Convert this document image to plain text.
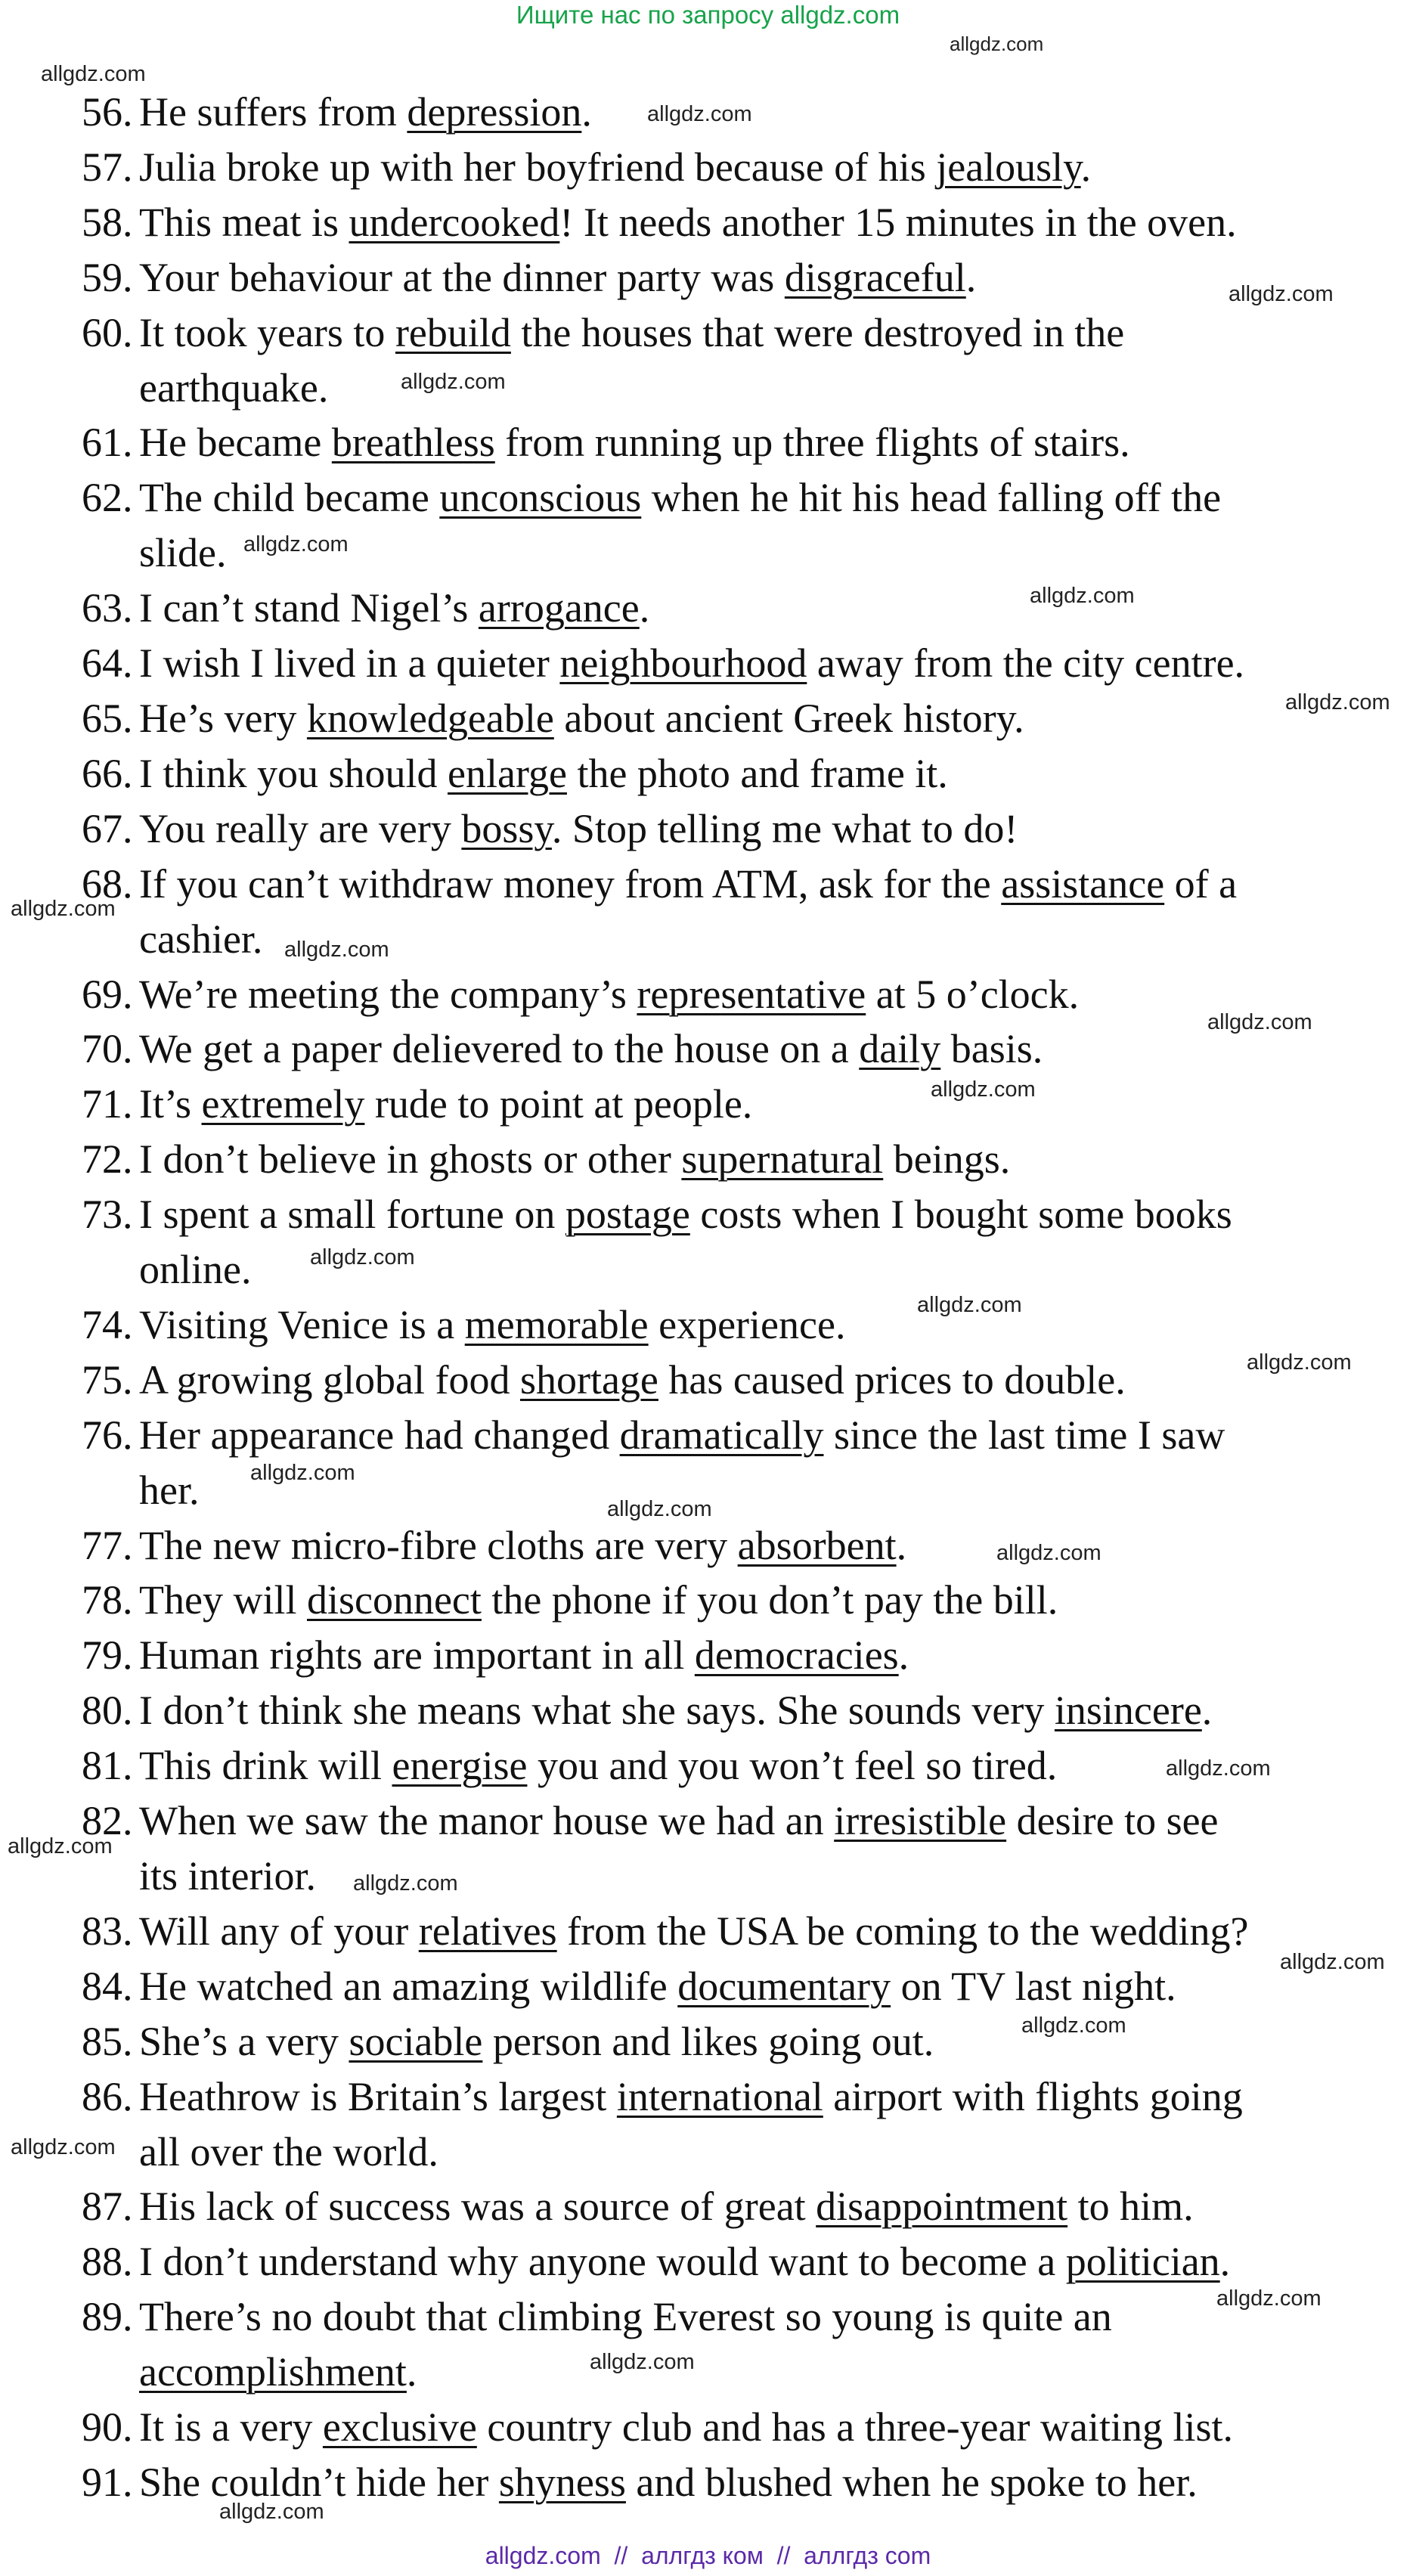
Ищите нас по запросу allgdz.com
allgdz.com
allgdz.com
allgdz.com
allgdz.com
allgdz.com
allgdz.com
allgdz.com
allgdz.com
allgdz.com
allgdz.com
allgdz.com
allgdz.com
allgdz.com
allgdz.com
allgdz.com
allgdz.com
allgdz.com
allgdz.com
allgdz.com
allgdz.com
allgdz.com
allgdz.com
allgdz.com
allgdz.com
allgdz.com
allgdz.com
allgdz.com
56. He suffers from depression.
57. Julia broke up with her boyfriend because of his jealously.
58. This meat is undercooked! It needs another 15 minutes in the oven.
59. Your behaviour at the dinner party was disgraceful.
60. It took years to rebuild the houses that were destroyed in the
earthquake.
61. He became breathless from running up three flights of stairs.
62. The child became unconscious when he hit his head falling off the
slide.
63. I can’t stand Nigel’s arrogance.
64. I wish I lived in a quieter neighbourhood away from the city centre.
65. He’s very knowledgeable about ancient Greek history.
66. I think you should enlarge the photo and frame it.
67. You really are very bossy. Stop telling me what to do!
68. If you can’t withdraw money from ATM, ask for the assistance of a
cashier.
69. We’re meeting the company’s representative at 5 o’clock.
70. We get a paper delievered to the house on a daily basis.
71. It’s extremely rude to point at people.
72. I don’t believe in ghosts or other supernatural beings.
73. I spent a small fortune on postage costs when I bought some books
online.
74. Visiting Venice is a memorable experience.
75. A growing global food shortage has caused prices to double.
76. Her appearance had changed dramatically since the last time I saw
her.
77. The new micro-fibre cloths are very absorbent.
78. They will disconnect the phone if you don’t pay the bill.
79. Human rights are important in all democracies.
80. I don’t think she means what she says. She sounds very insincere.
81. This drink will energise you and you won’t feel so tired.
82. When we saw the manor house we had an irresistible desire to see
its interior.
83. Will any of your relatives from the USA be coming to the wedding?
84. He watched an amazing wildlife documentary on TV last night.
85. She’s a very sociable person and likes going out.
86. Heathrow is Britain’s largest international airport with flights going
all over the world.
87. His lack of success was a source of great disappointment to him.
88. I don’t understand why anyone would want to become a politician.
89. There’s no doubt that climbing Everest so young is quite an
accomplishment.
90. It is a very exclusive country club and has a three-year waiting list.
91. She couldn’t hide her shyness and blushed when he spoke to her.
allgdz.com  //  аллгдз ком  //  аллгдз com
